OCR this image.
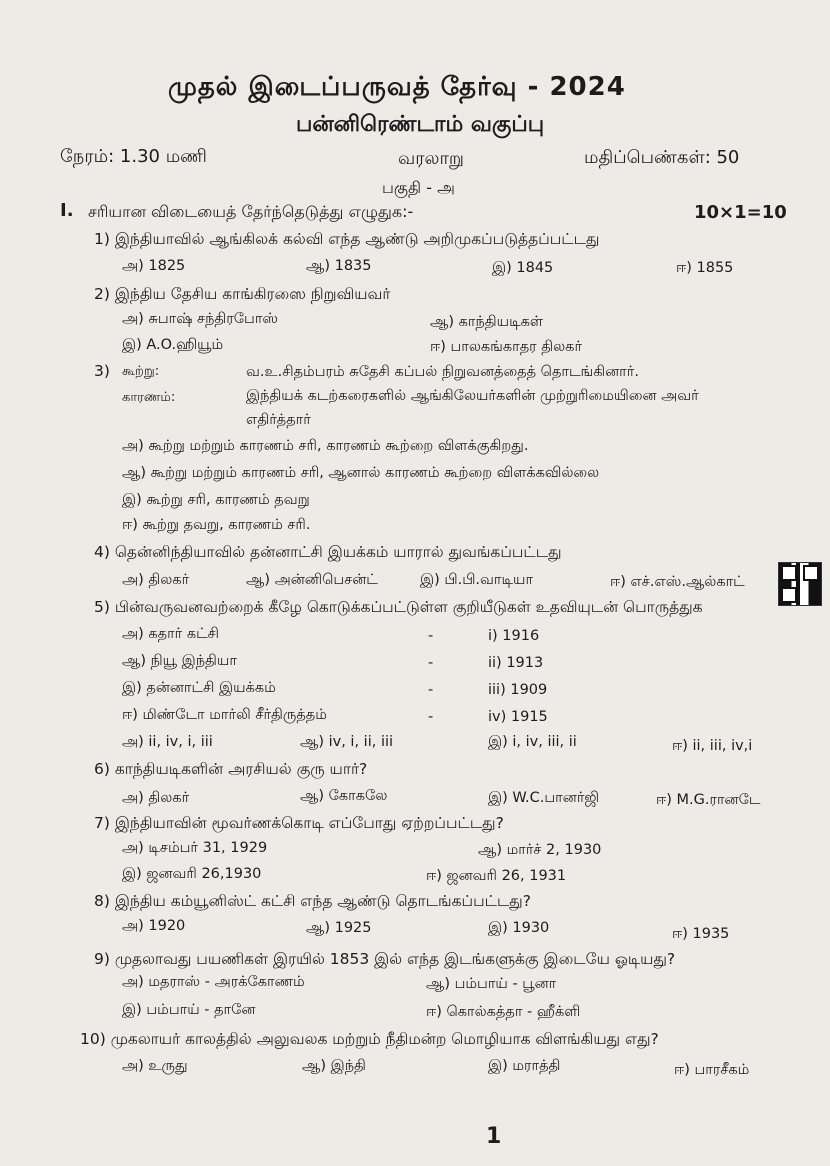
முதல் இடைப்பருவத் தேர்வு - 2024
பன்னிரெண்டாம் வகுப்பு
நேரம்: 1.30 மணி	வரலாறு	மதிப்பெண்கள்: 50
பகுதி - அ
I. சரியான விடையைத் தேர்ந்தெடுத்து எழுதுக:-	10×1=10
1) இந்தியாவில் ஆங்கிலக் கல்வி எந்த ஆண்டு அறிமுகப்படுத்தப்பட்டது
அ) 1825	ஆ) 1835	இ) 1845	ஈ) 1855
2) இந்திய தேசிய காங்கிரஸை நிறுவியவர்
அ) சுபாஷ் சந்திரபோஸ்	ஆ) காந்தியடிகள்
இ) A.O.ஹியூம்	ஈ) பாலகங்காதர திலகர்
3) கூற்று:	வ.உ.சிதம்பரம் சுதேசி கப்பல் நிறுவனத்தைத் தொடங்கினார்.
காரணம்:	இந்தியக் கடற்கரைகளில் ஆங்கிலேயர்களின் முற்றுரிமையினை அவர்
எதிர்த்தார்
அ) கூற்று மற்றும் காரணம் சரி, காரணம் கூற்றை விளக்குகிறது.
ஆ) கூற்று மற்றும் காரணம் சரி, ஆனால் காரணம் கூற்றை விளக்கவில்லை
இ) கூற்று சரி, காரணம் தவறு
ஈ) கூற்று தவறு, காரணம் சரி.
4) தென்னிந்தியாவில் தன்னாட்சி இயக்கம் யாரால் துவங்கப்பட்டது
அ) திலகர்	ஆ) அன்னிபெசன்ட்	இ) பி.பி.வாடியா	ஈ) எச்.எஸ்.ஆல்காட்
5) பின்வருவனவற்றைக் கீழே கொடுக்கப்பட்டுள்ள குறியீடுகள் உதவியுடன் பொருத்துக
அ) கதார் கட்சி	-	i) 1916
ஆ) நியூ இந்தியா	-	ii) 1913
இ) தன்னாட்சி இயக்கம்	-	iii) 1909
ஈ) மிண்டோ மார்லி சீர்திருத்தம்	-	iv) 1915
அ) ii, iv, i, iii	ஆ) iv, i, ii, iii	இ) i, iv, iii, ii	ஈ) ii, iii, iv,i
6) காந்தியடிகளின் அரசியல் குரு யார்?
அ) திலகர்	ஆ) கோகலே	இ) W.C.பானர்ஜி	ஈ) M.G.ரானடே
7) இந்தியாவின் மூவர்ணக்கொடி எப்போது ஏற்றப்பட்டது?
அ) டிசம்பர் 31, 1929	ஆ) மார்ச் 2, 1930
இ) ஜனவரி 26,1930	ஈ) ஜனவரி 26, 1931
8) இந்திய கம்யூனிஸ்ட் கட்சி எந்த ஆண்டு தொடங்கப்பட்டது?
அ) 1920	ஆ) 1925	இ) 1930	ஈ) 1935
9) முதலாவது பயணிகள் இரயில் 1853 இல் எந்த இடங்களுக்கு இடையே ஓடியது?
அ) மதராஸ் - அரக்கோணம்	ஆ) பம்பாய் - பூனா
இ) பம்பாய் - தானே	ஈ) கொல்கத்தா - ஹீக்ளி
10) முகலாயர் காலத்தில் அலுவலக மற்றும் நீதிமன்ற மொழியாக விளங்கியது எது?
அ) உருது	ஆ) இந்தி	இ) மராத்தி	ஈ) பாரசீகம்
1
